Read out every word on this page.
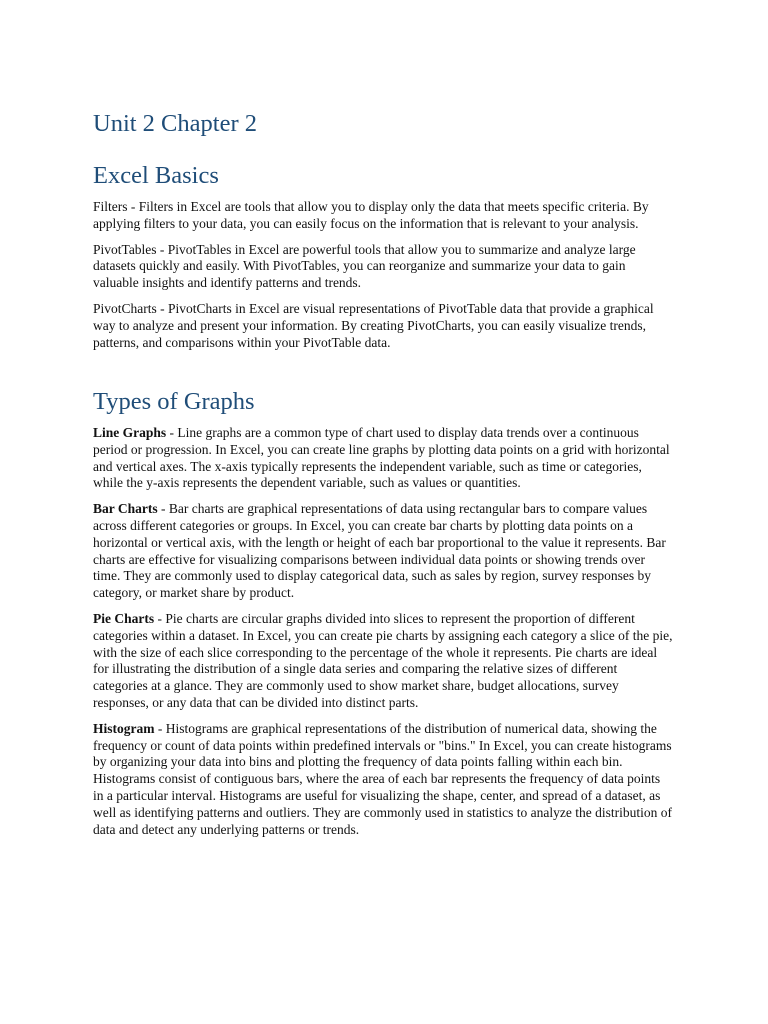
Unit 2 Chapter 2
Excel Basics

Filters - Filters in Excel are tools that allow you to display only the data that meets specific criteria. By applying filters to your data, you can easily focus on the information that is relevant to your analysis.

PivotTables - PivotTables in Excel are powerful tools that allow you to summarize and analyze large datasets quickly and easily. With PivotTables, you can reorganize and summarize your data to gain valuable insights and identify patterns and trends.

PivotCharts - PivotCharts in Excel are visual representations of PivotTable data that provide a graphical way to analyze and present your information. By creating PivotCharts, you can easily visualize trends, patterns, and comparisons within your PivotTable data.

Types of Graphs

Line Graphs - Line graphs are a common type of chart used to display data trends over a continuous period or progression. In Excel, you can create line graphs by plotting data points on a grid with horizontal and vertical axes. The x-axis typically represents the independent variable, such as time or categories, while the y-axis represents the dependent variable, such as values or quantities.

Bar Charts - Bar charts are graphical representations of data using rectangular bars to compare values across different categories or groups. In Excel, you can create bar charts by plotting data points on a horizontal or vertical axis, with the length or height of each bar proportional to the value it represents. Bar charts are effective for visualizing comparisons between individual data points or showing trends over time. They are commonly used to display categorical data, such as sales by region, survey responses by category, or market share by product.

Pie Charts - Pie charts are circular graphs divided into slices to represent the proportion of different categories within a dataset. In Excel, you can create pie charts by assigning each category a slice of the pie, with the size of each slice corresponding to the percentage of the whole it represents. Pie charts are ideal for illustrating the distribution of a single data series and comparing the relative sizes of different categories at a glance. They are commonly used to show market share, budget allocations, survey responses, or any data that can be divided into distinct parts.

Histogram - Histograms are graphical representations of the distribution of numerical data, showing the frequency or count of data points within predefined intervals or "bins." In Excel, you can create histograms by organizing your data into bins and plotting the frequency of data points falling within each bin. Histograms consist of contiguous bars, where the area of each bar represents the frequency of data points in a particular interval. Histograms are useful for visualizing the shape, center, and spread of a dataset, as well as identifying patterns and outliers. They are commonly used in statistics to analyze the distribution of data and detect any underlying patterns or trends.
